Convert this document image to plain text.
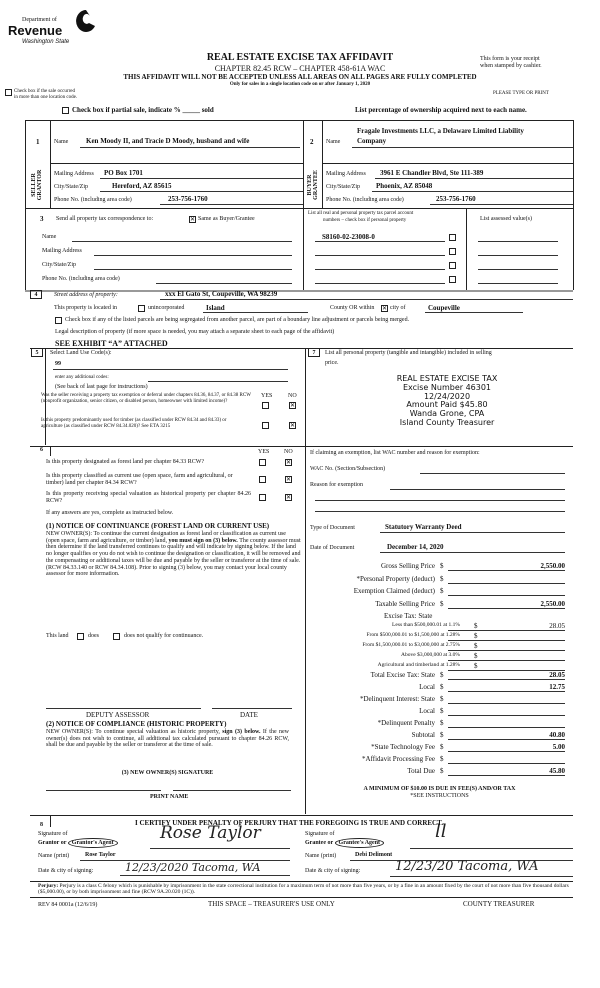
Department of
Revenue
Washington State
REAL ESTATE EXCISE TAX AFFIDAVIT
CHAPTER 82.45 RCW – CHAPTER 458-61A WAC
THIS AFFIDAVIT WILL NOT BE ACCEPTED UNLESS ALL AREAS ON ALL PAGES ARE FULLY COMPLETED
Only for sales in a single location code on or after January 1, 2020
This form is your receipt
when stamped by cashier.
Check box if the sale occurred
in more than one location code.
PLEASE TYPE OR PRINT
Check box if partial sale, indicate % _____ sold	List percentage of ownership acquired next to each name.
1 Name	Ken Moody II, and Tracie D Moody, husband and wife
SELLER GRANTOR Mailing Address PO Box 1701
City/State/Zip	Hereford, AZ 85615
Phone No. (including area code)	253-756-1760
2 Name
Fragale Investments LLC, a Delaware Limited Liability
Company
BUYER GRANTEE Mailing Address 3961 E Chandler Blvd, Ste 111-389
City/State/Zip Phoenix, AZ 85048
Phone No. (including area code)	253-756-1760
3 Send all property tax correspondence to:	✕ Same as Buyer/Grantee
Name
Mailing Address
City/State/Zip
Phone No. (including area code)
List all real and personal property tax parcel account
numbers – check box if personal property	List assessed value(s)
S8160-02-23008-0
4	Street address of property:	xxx El Gato St, Coupeville, WA 98239
This property is located in	unincorporated	Island	County OR within ✕ city of	Coupeville
Check box if any of the listed parcels are being segregated from another parcel, are part of a boundary line adjustment or parcels being merged.
Legal description of property (if more space is needed, you may attach a separate sheet to each page of the affidavit)
SEE EXHIBIT “A” ATTACHED
5	Select Land Use Code(s):
99
enter any additional codes:
(See back of last page for instructions)
YES	NO
Was the seller receiving a property tax exemption or deferral under chapters 84.36, 84.37, or 84.38 RCW (nonprofit organization, senior citizen, or disabled person, homeowner with limited income)?
✕
Is this property predominantly used for timber (as classified under RCW 84.34 and 84.33) or agriculture (as classified under RCW 84.34.020)? See ETA 3215	✕
7	List all personal property (tangible and intangible) included in selling
price.
REAL ESTATE EXCISE TAX
Excise Number 46301
12/24/2020
Amount Paid $45.80
Wanda Grone, CPA
Island County Treasurer
6	YES NO
Is this property designated as forest land per chapter 84.33 RCW?	✕
Is this property classified as current use (open space, farm and agricultural, or timber) land per chapter 84.34 RCW?	✕
Is this property receiving special valuation as historical property per chapter 84.26 RCW?	✕
If any answers are yes, complete as instructed below.
(1) NOTICE OF CONTINUANCE (FOREST LAND OR CURRENT USE)
NEW OWNER(S): To continue the current designation as forest land or classification as current use (open space, farm and agriculture, or timber) land, you must sign on (3) below. The county assessor must then determine if the land transferred continues to qualify and will indicate by signing below. If the land no longer qualifies or you do not wish to continue the designation or classification, it will be removed and the compensating or additional taxes will be due and payable by the seller or transferor at the time of sale. (RCW 84.33.140 or RCW 84.34.108). Prior to signing (3) below, you may contact your local county assessor for more information.
This land	does	does not qualify for continuance.
DEPUTY ASSESSOR	DATE
(2) NOTICE OF COMPLIANCE (HISTORIC PROPERTY)
NEW OWNER(S): To continue special valuation as historic property, sign (3) below. If the new owner(s) does not wish to continue, all additional tax calculated pursuant to chapter 84.26 RCW, shall be due and payable by the seller or transferor at the time of sale.
(3) NEW OWNER(S) SIGNATURE
PRINT NAME
If claiming an exemption, list WAC number and reason for exemption:
WAC No. (Section/Subsection)
Reason for exemption
Type of Document	Statutory Warranty Deed
Date of Document	December 14, 2020
Gross Selling Price $	2,550.00
*Personal Property (deduct) $
Exemption Claimed (deduct) $
Taxable Selling Price $	2,550.00
Excise Tax: State
Less than $500,000.01 at 1.1% $	28.05
From $500,000.01 to $1,500,000 at 1.28% $
From $1,500,000.01 to $3,000,000 at 2.75% $
Above $3,000,000 at 3.0% $
Agricultural and timberland at 1.28% $
Total Excise Tax: State $	28.05
Local $	12.75
*Delinquent Interest: State $
Local $
*Delinquent Penalty $
Subtotal $	40.80
*State Technology Fee $	5.00
*Affidavit Processing Fee $
Total Due $	45.80
A MINIMUM OF $10.00 IS DUE IN FEE(S) AND/OR TAX
*SEE INSTRUCTIONS
8	I CERTIFY UNDER PENALTY OF PERJURY THAT THE FOREGOING IS TRUE AND CORRECT.
Signature of
Grantor or Grantor's Agent	Rose Taylor
Name (print)	Rose Taylor
Date & city of signing:	12/23/2020 Tacoma, WA
Signature of
Grantee or Grantee's Agent
ll
Name (print)	Debi Delimont
Date & city of signing:	12/23/20 Tacoma, WA
Perjury: Perjury is a class C felony which is punishable by imprisonment in the state correctional institution for a maximum term of not more than five years, or by a fine in an amount fixed by the court of not more than five thousand dollars ($5,000.00), or by both imprisonment and fine (RCW 9A.20.020 (1C)).
REV 84 0001a (12/6/19)	THIS SPACE – TREASURER'S USE ONLY	COUNTY TREASURER
